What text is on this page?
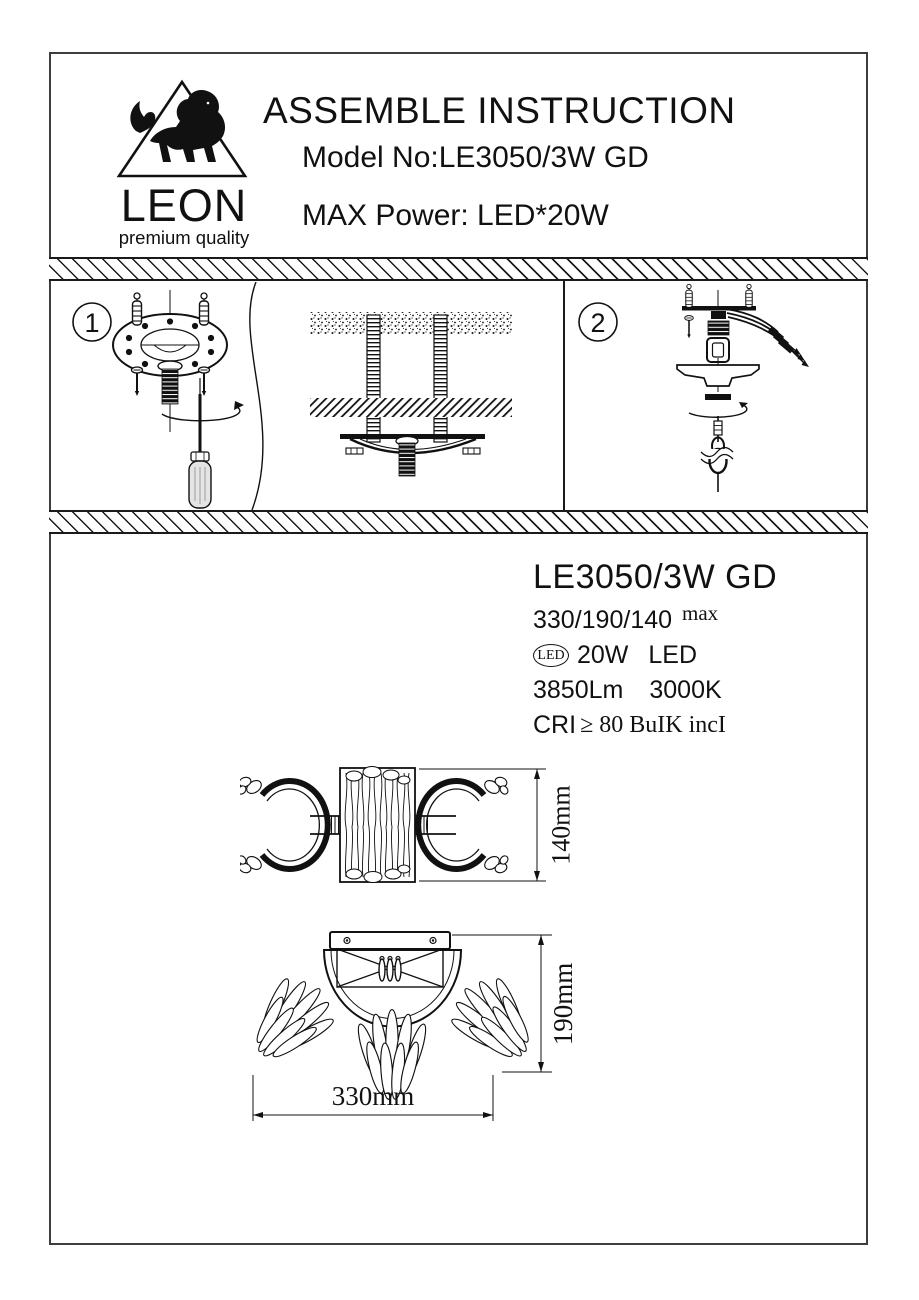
LEON
premium quality
ASSEMBLE INSTRUCTION
Model No:LE3050/3W GD
MAX Power: LED*20W
1	2
LE3050/3W GD
330/190/140 max
LED 20W LED
3850Lm 3000K
CRI ≥ 80 BuIK incI
140mm
190mm
330mm
